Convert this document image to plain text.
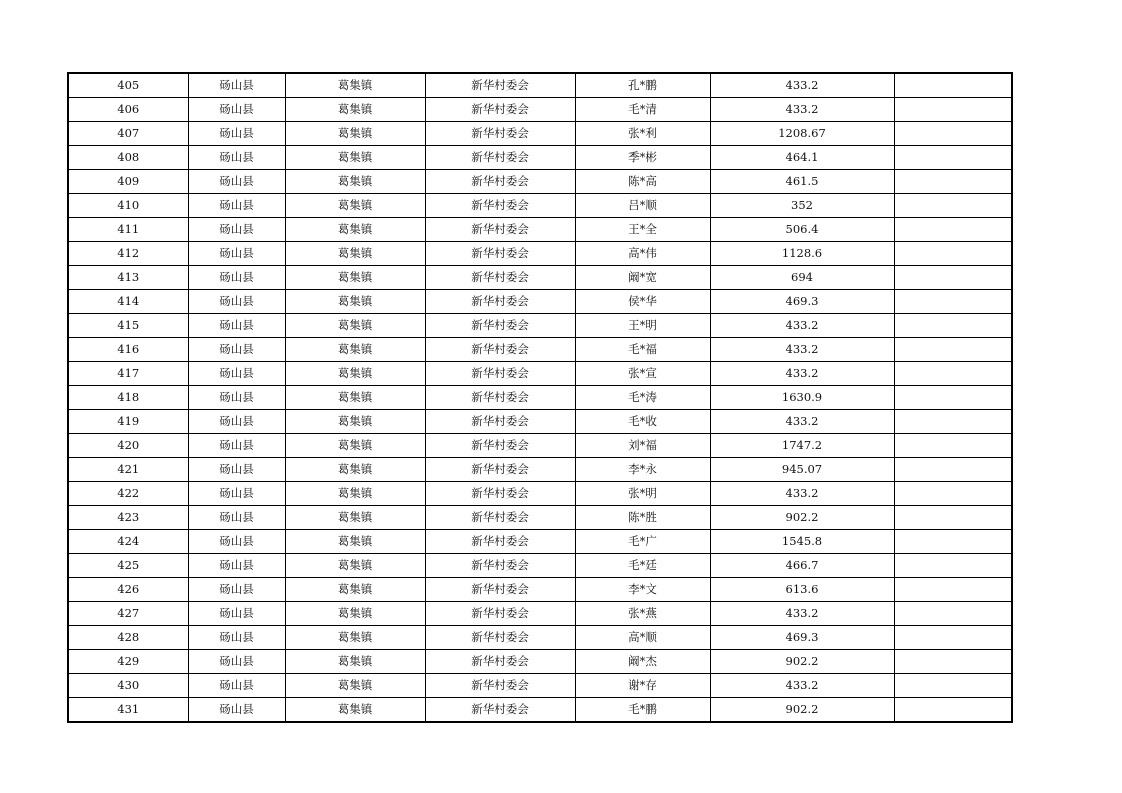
405	砀山县	葛集镇	新华村委会	孔*鹏	433.2	
406	砀山县	葛集镇	新华村委会	毛*清	433.2	
407	砀山县	葛集镇	新华村委会	张*利	1208.67	
408	砀山县	葛集镇	新华村委会	季*彬	464.1	
409	砀山县	葛集镇	新华村委会	陈*高	461.5	
410	砀山县	葛集镇	新华村委会	吕*顺	352	
411	砀山县	葛集镇	新华村委会	王*全	506.4	
412	砀山县	葛集镇	新华村委会	高*伟	1128.6	
413	砀山县	葛集镇	新华村委会	阚*宽	694	
414	砀山县	葛集镇	新华村委会	侯*华	469.3	
415	砀山县	葛集镇	新华村委会	王*明	433.2	
416	砀山县	葛集镇	新华村委会	毛*福	433.2	
417	砀山县	葛集镇	新华村委会	张*宣	433.2	
418	砀山县	葛集镇	新华村委会	毛*涛	1630.9	
419	砀山县	葛集镇	新华村委会	毛*收	433.2	
420	砀山县	葛集镇	新华村委会	刘*福	1747.2	
421	砀山县	葛集镇	新华村委会	李*永	945.07	
422	砀山县	葛集镇	新华村委会	张*明	433.2	
423	砀山县	葛集镇	新华村委会	陈*胜	902.2	
424	砀山县	葛集镇	新华村委会	毛*广	1545.8	
425	砀山县	葛集镇	新华村委会	毛*廷	466.7	
426	砀山县	葛集镇	新华村委会	李*文	613.6	
427	砀山县	葛集镇	新华村委会	张*燕	433.2	
428	砀山县	葛集镇	新华村委会	高*顺	469.3	
429	砀山县	葛集镇	新华村委会	阚*杰	902.2	
430	砀山县	葛集镇	新华村委会	谢*存	433.2	
431	砀山县	葛集镇	新华村委会	毛*鹏	902.2	
